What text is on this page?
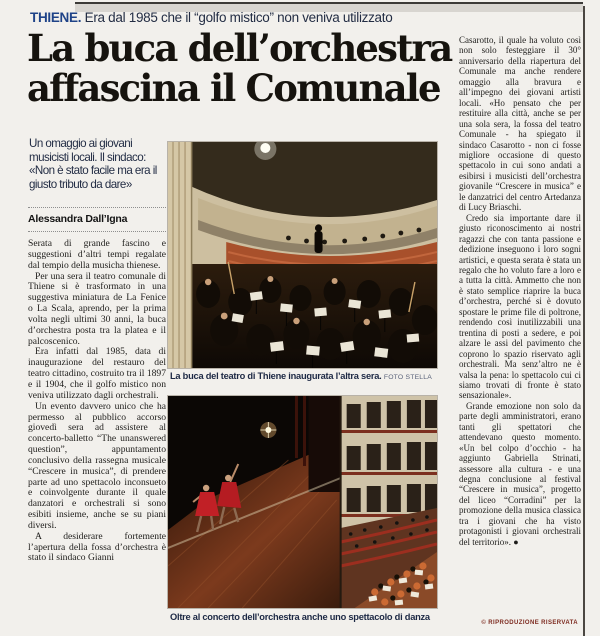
THIENE. Era dal 1985 che il “golfo mistico” non veniva utilizzato
La buca dell’orchestra
affascina il Comunale
Un omaggio ai giovani musicisti locali. Il sindaco: «Non è stato facile ma era il giusto tributo da dare»
Alessandra Dall’Igna

Serata di grande fascino e suggestioni d’altri tempi regalate dal tempio della musicha thienese.

Per una sera il teatro comunale di Thiene si è trasformato in una suggestiva miniatura de La Fenice o La Scala, aprendo, per la prima volta negli ultimi 30 anni, la buca d’orchestra posta tra la platea e il palcoscenico.

Era infatti dal 1985, data di inaugurazione del restauro del teatro cittadino, costruito tra il 1897 e il 1904, che il golfo mistico non veniva utilizzato dagli orchestrali.

Un evento davvero unico che ha permesso al pubblico accorso giovedì sera ad assistere al concerto-balletto “The unanswered question”, appuntamento conclusivo della rassegna musicale “Crescere in musica”, di prendere parte ad uno spettacolo inconsueto e coinvolgente durante il quale danzatori e orchestrali si sono esibiti insieme, anche se su piani diversi.

A desiderare fortemente l’apertura della fossa d’orchestra è stato il sindaco Gianni

Casarotto, il quale ha voluto così non solo festeggiare il 30° anniversario della riapertura del Comunale ma anche rendere omaggio alla bravura e all’impegno dei giovani artisti locali. «Ho pensato che per restituire alla città, anche se per una sola sera, la fossa del teatro Comunale - ha spiegato il sindaco Casarotto - non ci fosse migliore occasione di questo spettacolo in cui sono andati a esibirsi i musicisti dell’orchestra giovanile “Crescere in musica” e le danzatrici del centro Artedanza di Lucy Briaschi.

Credo sia importante dare il giusto riconoscimento ai nostri ragazzi che con tanta passione e dedizione inseguono i loro sogni artistici, e questa serata è stata un regalo che ho voluto fare a loro e a tutta la città. Ammetto che non è stato semplice riaprire la buca d’orchestra, perché si è dovuto spostare le prime file di poltrone, rendendo così inutilizzabili una trentina di posti a sedere, e poi alzare le assi del pavimento che coprono lo spazio riservato agli orchestrali. Ma senz’altro ne è valsa la pena: lo spettacolo cui ci siamo trovati di fronte è stato sensazionale».

Grande emozione non solo da parte degli amministratori, erano tanti gli spettatori che attendevano questo momento. «Un bel colpo d’occhio - ha aggiunto Gabriella Strinati, assessore alla cultura - e una degna conclusione al festival “Crescere in musica”, progetto del liceo “Corradini” per la promozione della musica classica tra i giovani che ha visto protagonisti i giovani orchestrali del territorio». ●

La buca del teatro di Thiene inaugurata l’altra sera. FOTO STELLA
Oltre al concerto dell’orchestra anche uno spettacolo di danza
© RIPRODUZIONE RISERVATA
